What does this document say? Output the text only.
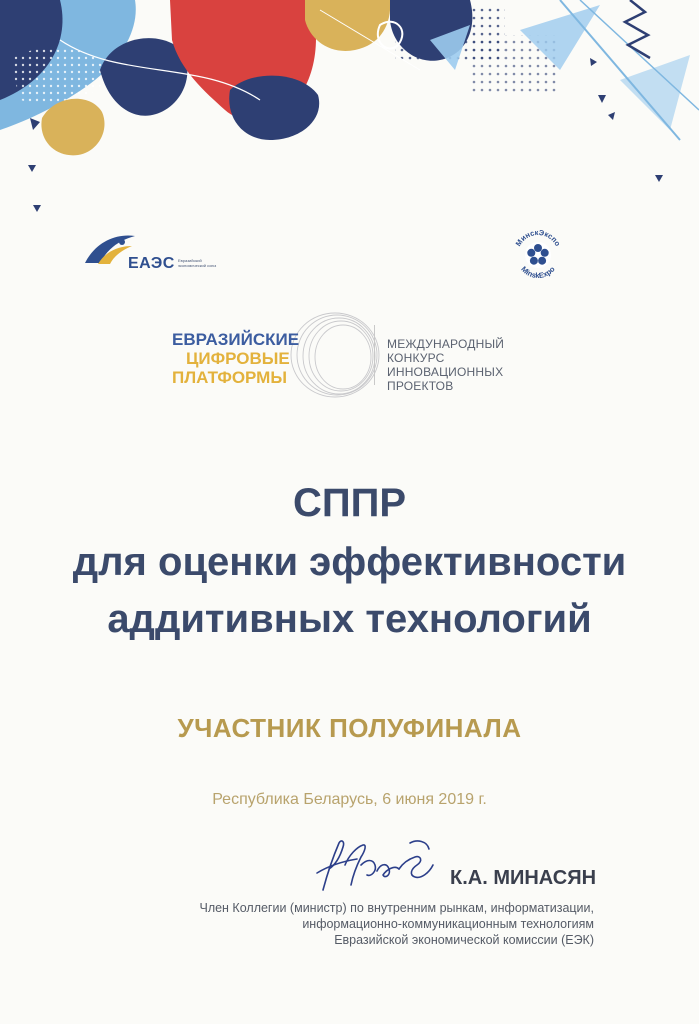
ЕАЭС Евразийский экономический союз
МинскЭкспо
MinskExpo
ЕВРАЗИЙСКИЕ
ЦИФРОВЫЕ
ПЛАТФОРМЫ
МЕЖДУНАРОДНЫЙ
КОНКУРС
ИННОВАЦИОННЫХ
ПРОЕКТОВ
СППР
для оценки эффективности
аддитивных технологий
УЧАСТНИК ПОЛУФИНАЛА
Республика Беларусь, 6 июня 2019 г.
К.А. МИНАСЯН
Член Коллегии (министр) по внутренним рынкам, информатизации,
информационно-коммуникационным технологиям
Евразийской экономической комиссии (ЕЭК)
